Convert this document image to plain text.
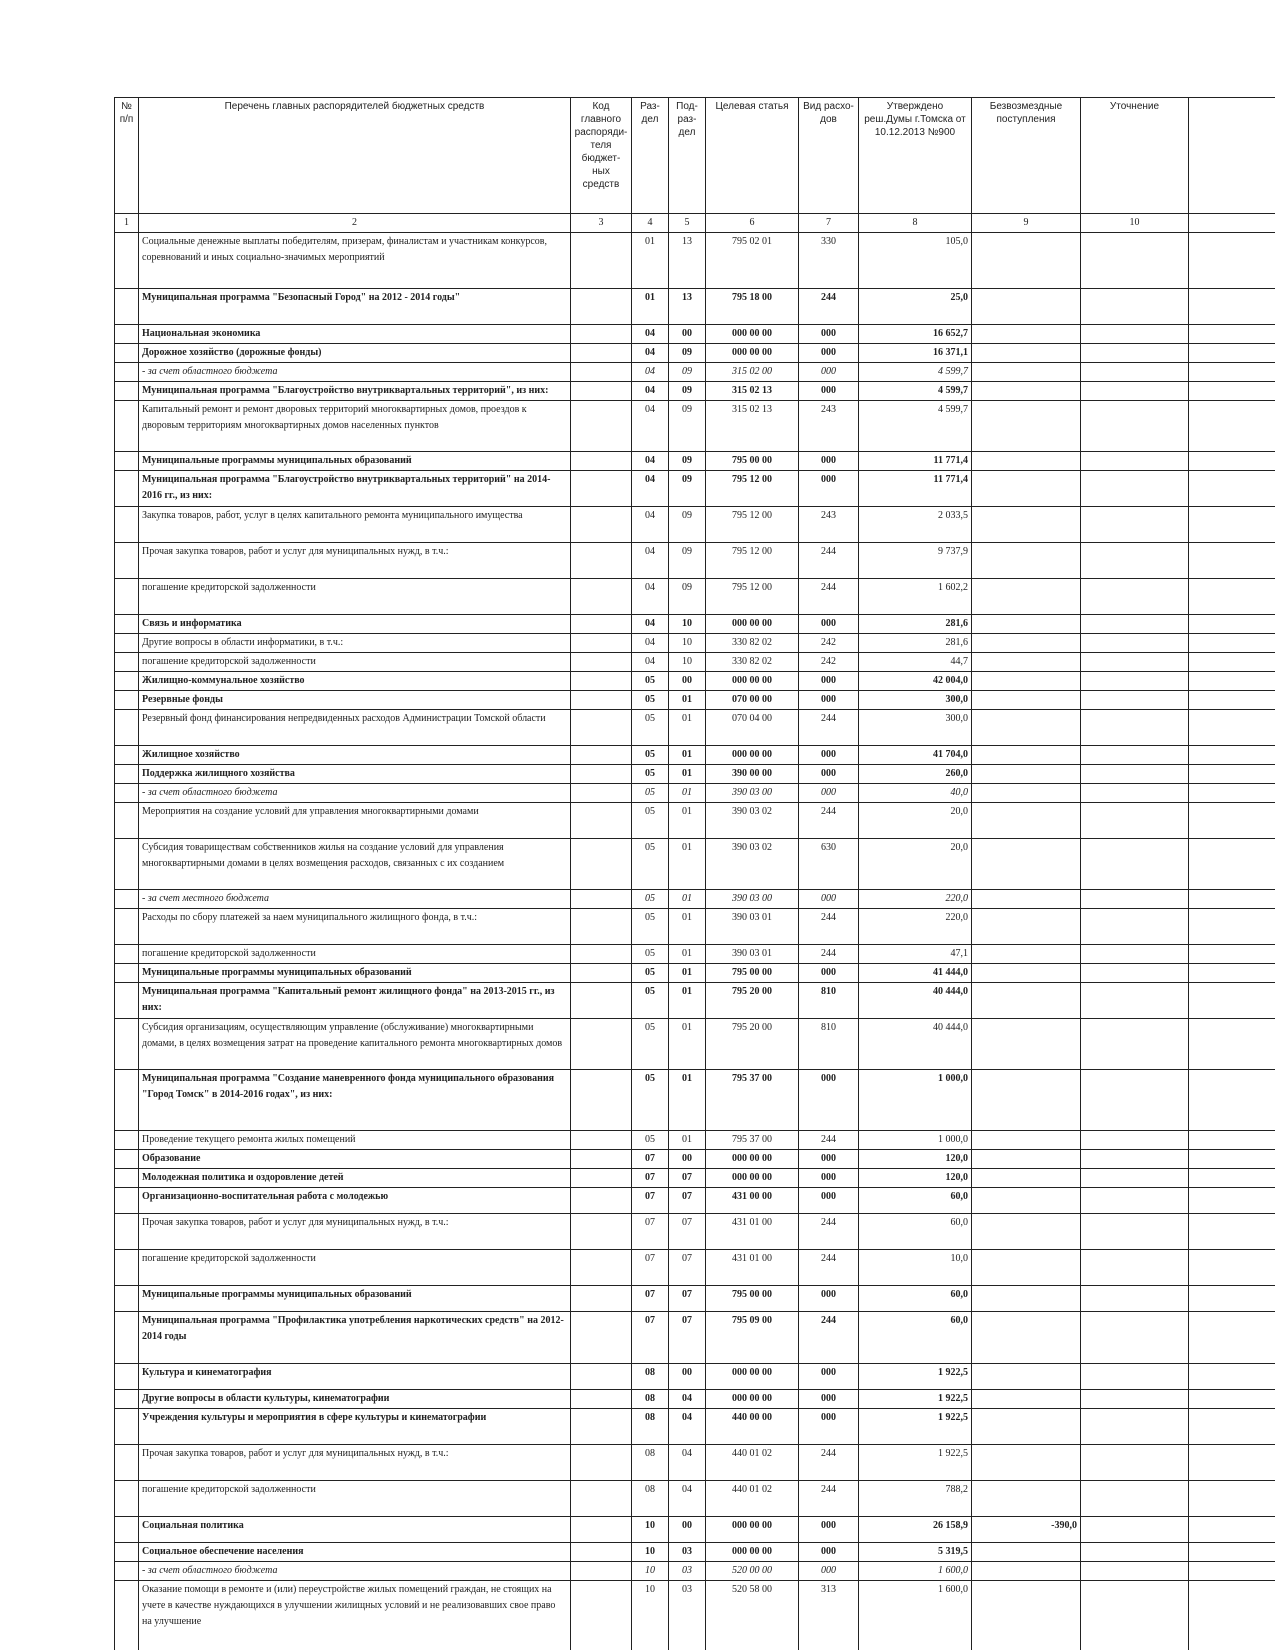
№ п/п	Перечень главных распорядителей бюджетных средств	Код главного распоряди-теля бюджет-ных средств	Раз-дел	Под-раз-дел	Целевая статья	Вид расхо-дов	Утверждено реш.Думы г.Томска от 10.12.2013 №900	Безвозмездные поступления	Уточнение	
1	2	3	4	5	6	7	8	9	10	
	Социальные денежные выплаты победителям, призерам, финалистам и участникам конкурсов, соревнований и иных социально-значимых мероприятий		01	13	795 02 01	330	105,0			
	Муниципальная программа "Безопасный Город" на 2012 - 2014 годы"		01	13	795 18 00	244	25,0			
	Национальная экономика		04	00	000 00 00	000	16 652,7			
	Дорожное хозяйство (дорожные фонды)		04	09	000 00 00	000	16 371,1			
	- за счет областного бюджета		04	09	315 02 00	000	4 599,7			
	Муниципальная программа "Благоустройство внутриквартальных территорий", из них:		04	09	315 02 13	000	4 599,7			
	Капитальный ремонт и ремонт дворовых территорий многоквартирных домов, проездов к дворовым территориям многоквартирных домов населенных пунктов		04	09	315 02 13	243	4 599,7			
	Муниципальные программы муниципальных образований		04	09	795 00 00	000	11 771,4			
	Муниципальная программа "Благоустройство внутриквартальных территорий" на 2014-2016 гг., из них:		04	09	795 12 00	000	11 771,4			
	Закупка товаров, работ, услуг в целях капитального ремонта муниципального имущества		04	09	795 12 00	243	2 033,5			
	Прочая закупка товаров, работ и услуг для муниципальных нужд, в т.ч.:		04	09	795 12 00	244	9 737,9			
	погашение кредиторской задолженности		04	09	795 12 00	244	1 602,2			
	Связь и информатика		04	10	000 00 00	000	281,6			
	Другие вопросы в области информатики, в т.ч.:		04	10	330 82 02	242	281,6			
	погашение кредиторской задолженности		04	10	330 82 02	242	44,7			
	Жилищно-коммунальное хозяйство		05	00	000 00 00	000	42 004,0			
	Резервные фонды		05	01	070 00 00	000	300,0			
	Резервный фонд финансирования непредвиденных расходов Администрации Томской области		05	01	070 04 00	244	300,0			
	Жилищное хозяйство		05	01	000 00 00	000	41 704,0			
	Поддержка жилищного хозяйства		05	01	390 00 00	000	260,0			
	- за счет областного бюджета		05	01	390 03 00	000	40,0			
	Мероприятия на создание условий для управления многоквартирными домами		05	01	390 03 02	244	20,0			
	Субсидия товариществам собственников жилья на создание условий для управления многоквартирными домами в целях возмещения расходов, связанных с их созданием		05	01	390 03 02	630	20,0			
	- за счет местного бюджета		05	01	390 03 00	000	220,0			
	Расходы по сбору платежей за наем муниципального жилищного фонда, в т.ч.:		05	01	390 03 01	244	220,0			
	погашение кредиторской задолженности		05	01	390 03 01	244	47,1			
	Муниципальные программы муниципальных образований		05	01	795 00 00	000	41 444,0			
	Муниципальная программа "Капитальный ремонт жилищного фонда" на 2013-2015 гг., из них:		05	01	795 20 00	810	40 444,0			
	Субсидия организациям, осуществляющим управление (обслуживание) многоквартирными домами, в целях возмещения затрат на проведение капитального ремонта многоквартирных домов		05	01	795 20 00	810	40 444,0			
	Муниципальная программа "Создание маневренного фонда муниципального образования "Город Томск" в 2014-2016 годах", из них:		05	01	795 37 00	000	1 000,0			
	Проведение текущего ремонта жилых помещений		05	01	795 37 00	244	1 000,0			
	Образование		07	00	000 00 00	000	120,0			
	Молодежная политика и оздоровление детей		07	07	000 00 00	000	120,0			
	Организационно-воспитательная работа с молодежью		07	07	431 00 00	000	60,0			
	Прочая закупка товаров, работ и услуг для муниципальных нужд, в т.ч.:		07	07	431 01 00	244	60,0			
	погашение кредиторской задолженности		07	07	431 01 00	244	10,0			
	Муниципальные программы муниципальных образований		07	07	795 00 00	000	60,0			
	Муниципальная программа "Профилактика употребления наркотических средств" на 2012-2014 годы		07	07	795 09 00	244	60,0			
	Культура и кинематография		08	00	000 00 00	000	1 922,5			
	Другие вопросы в области культуры, кинематографии		08	04	000 00 00	000	1 922,5			
	Учреждения культуры и мероприятия в сфере культуры и кинематографии		08	04	440 00 00	000	1 922,5			
	Прочая закупка товаров, работ и услуг для муниципальных нужд, в т.ч.:		08	04	440 01 02	244	1 922,5			
	погашение кредиторской задолженности		08	04	440 01 02	244	788,2			
	Социальная политика		10	00	000 00 00	000	26 158,9	-390,0		
	Социальное обеспечение населения		10	03	000 00 00	000	5 319,5			
	- за счет областного бюджета		10	03	520 00 00	000	1 600,0			
	Оказание помощи в ремонте и (или) переустройстве жилых помещений граждан, не стоящих на учете в качестве нуждающихся в улучшении жилищных условий и не реализовавших свое право на улучшение		10	03	520 58 00	313	1 600,0			
